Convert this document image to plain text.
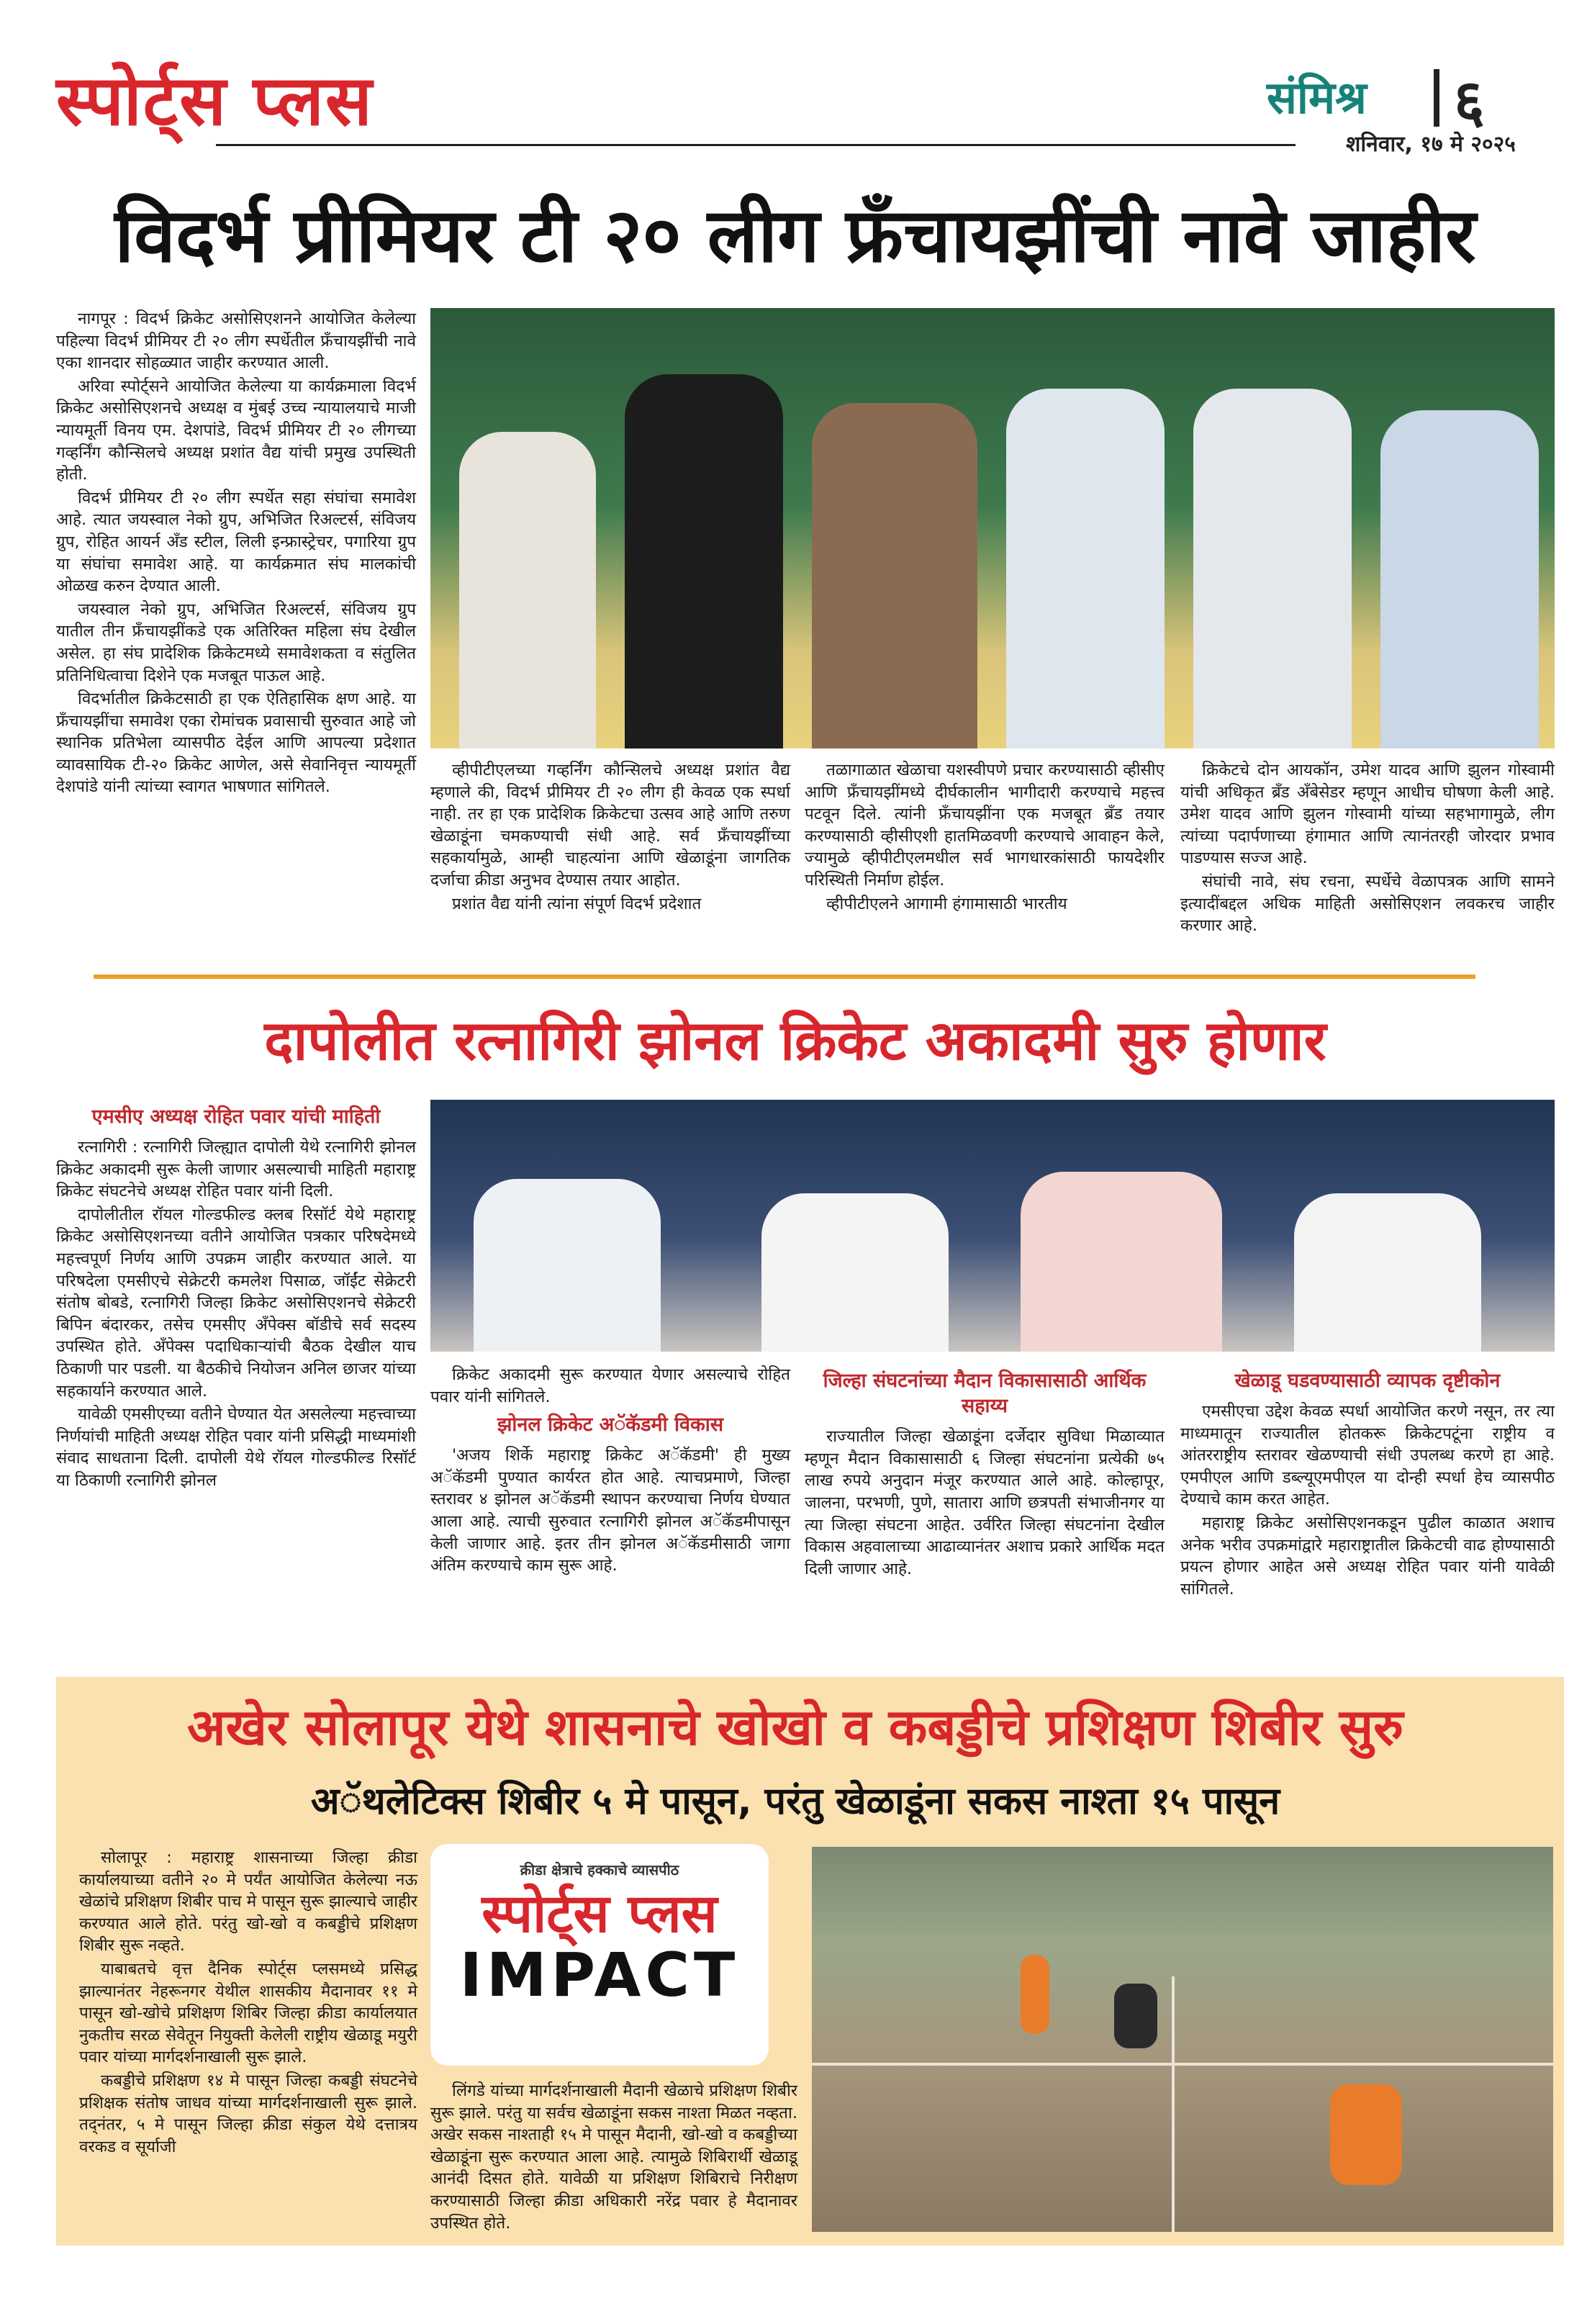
स्पोर्ट्स प्लस	संमिश्र ६
शनिवार, १७ मे २०२५
विदर्भ प्रीमियर टी २० लीग फ्रँचायझींची नावे जाहीर

नागपूर : विदर्भ क्रिकेट असोसिएशनने आयोजित केलेल्या पहिल्या विदर्भ प्रीमियर टी २० लीग स्पर्धेतील फ्रँचायझींची नावे एका शानदार सोहळ्यात जाहीर करण्यात आली.

अरिवा स्पोर्ट्सने आयोजित केलेल्या या कार्यक्रमाला विदर्भ क्रिकेट असोसिएशनचे अध्यक्ष व मुंबई उच्च न्यायालयाचे माजी न्यायमूर्ती विनय एम. देशपांडे, विदर्भ प्रीमियर टी २० लीगच्या गव्हर्निंग कौन्सिलचे अध्यक्ष प्रशांत वैद्य यांची प्रमुख उपस्थिती होती.

विदर्भ प्रीमियर टी २० लीग स्पर्धेत सहा संघांचा समावेश आहे. त्यात जयस्वाल नेको ग्रुप, अभिजित रिअल्टर्स, संविजय ग्रुप, रोहित आयर्न अँड स्टील, लिली इन्फ्रास्ट्रेचर, पगारिया ग्रुप या संघांचा समावेश आहे. या कार्यक्रमात संघ मालकांची ओळख करुन देण्यात आली.

जयस्वाल नेको ग्रुप, अभिजित रिअल्टर्स, संविजय ग्रुप यातील तीन फ्रँचायझींकडे एक अतिरिक्त महिला संघ देखील असेल. हा संघ प्रादेशिक क्रिकेटमध्ये समावेशकता व संतुलित प्रतिनिधित्वाचा दिशेने एक मजबूत पाऊल आहे.

विदर्भातील क्रिकेटसाठी हा एक ऐतिहासिक क्षण आहे. या फ्रँचायझींचा समावेश एका रोमांचक प्रवासाची सुरुवात आहे जो स्थानिक प्रतिभेला व्यासपीठ देईल आणि आपल्या प्रदेशात व्यावसायिक टी-२० क्रिकेट आणेल, असे सेवानिवृत्त न्यायमूर्ती देशपांडे यांनी त्यांच्या स्वागत भाषणात सांगितले.

व्हीपीटीएलच्या गव्हर्निंग कौन्सिलचे अध्यक्ष प्रशांत वैद्य म्हणाले की, विदर्भ प्रीमियर टी २० लीग ही केवळ एक स्पर्धा नाही. तर हा एक प्रादेशिक क्रिकेटचा उत्सव आहे आणि तरुण खेळाडूंना चमकण्याची संधी आहे. सर्व फ्रँचायझींच्या सहकार्यामुळे, आम्ही चाहत्यांना आणि खेळाडूंना जागतिक दर्जाचा क्रीडा अनुभव देण्यास तयार आहोत.

प्रशांत वैद्य यांनी त्यांना संपूर्ण विदर्भ प्रदेशात

तळागाळात खेळाचा यशस्वीपणे प्रचार करण्यासाठी व्हीसीए आणि फ्रँचायझींमध्ये दीर्घकालीन भागीदारी करण्याचे महत्त्व पटवून दिले. त्यांनी फ्रँचायझींना एक मजबूत ब्रँड तयार करण्यासाठी व्हीसीएशी हातमिळवणी करण्याचे आवाहन केले, ज्यामुळे व्हीपीटीएलमधील सर्व भागधारकांसाठी फायदेशीर परिस्थिती निर्माण होईल.

व्हीपीटीएलने आगामी हंगामासाठी भारतीय

क्रिकेटचे दोन आयकॉन, उमेश यादव आणि झुलन गोस्वामी यांची अधिकृत ब्रँड अँबेसेडर म्हणून आधीच घोषणा केली आहे. उमेश यादव आणि झुलन गोस्वामी यांच्या सहभागामुळे, लीग त्यांच्या पदार्पणाच्या हंगामात आणि त्यानंतरही जोरदार प्रभाव पाडण्यास सज्ज आहे.

संघांची नावे, संघ रचना, स्पर्धेचे वेळापत्रक आणि सामने इत्यादींबद्दल अधिक माहिती असोसिएशन लवकरच जाहीर करणार आहे.

दापोलीत रत्नागिरी झोनल क्रिकेट अकादमी सुरु होणार

एमसीए अध्यक्ष रोहित पवार यांची माहिती

रत्नागिरी : रत्नागिरी जिल्ह्यात दापोली येथे रत्नागिरी झोनल क्रिकेट अकादमी सुरू केली जाणार असल्याची माहिती महाराष्ट्र क्रिकेट संघटनेचे अध्यक्ष रोहित पवार यांनी दिली.

दापोलीतील रॉयल गोल्डफील्ड क्लब रिसॉर्ट येथे महाराष्ट्र क्रिकेट असोसिएशनच्या वतीने आयोजित पत्रकार परिषदेमध्ये महत्त्वपूर्ण निर्णय आणि उपक्रम जाहीर करण्यात आले. या परिषदेला एमसीएचे सेक्रेटरी कमलेश पिसाळ, जॉईंट सेक्रेटरी संतोष बोबडे, रत्नागिरी जिल्हा क्रिकेट असोसिएशनचे सेक्रेटरी बिपिन बंदारकर, तसेच एमसीए अँपेक्स बॉडीचे सर्व सदस्य उपस्थित होते. अँपेक्स पदाधिकाऱ्यांची बैठक देखील याच ठिकाणी पार पडली. या बैठकीचे नियोजन अनिल छाजर यांच्या सहकार्याने करण्यात आले.

यावेळी एमसीएच्या वतीने घेण्यात येत असलेल्या महत्त्वाच्या निर्णयांची माहिती अध्यक्ष रोहित पवार यांनी प्रसिद्धी माध्यमांशी संवाद साधताना दिली. दापोली येथे रॉयल गोल्डफील्ड रिसॉर्ट या ठिकाणी रत्नागिरी झोनल

क्रिकेट अकादमी सुरू करण्यात येणार असल्याचे रोहित पवार यांनी सांगितले.

झोनल क्रिकेट अॅकॅडमी विकास

'अजय शिर्के महाराष्ट्र क्रिकेट अॅकॅडमी' ही मुख्य अॅकॅडमी पुण्यात कार्यरत होत आहे. त्याचप्रमाणे, जिल्हा स्तरावर ४ झोनल अॅकॅडमी स्थापन करण्याचा निर्णय घेण्यात आला आहे. त्याची सुरुवात रत्नागिरी झोनल अॅकॅडमीपासून केली जाणार आहे. इतर तीन झोनल अॅकॅडमीसाठी जागा अंतिम करण्याचे काम सुरू आहे.

जिल्हा संघटनांच्या मैदान विकासासाठी आर्थिक सहाय्य

राज्यातील जिल्हा खेळाडूंना दर्जेदार सुविधा मिळाव्यात म्हणून मैदान विकासासाठी ६ जिल्हा संघटनांना प्रत्येकी ७५ लाख रुपये अनुदान मंजूर करण्यात आले आहे. कोल्हापूर, जालना, परभणी, पुणे, सातारा आणि छत्रपती संभाजीनगर या त्या जिल्हा संघटना आहेत. उर्वरित जिल्हा संघटनांना देखील विकास अहवालाच्या आढाव्यानंतर अशाच प्रकारे आर्थिक मदत दिली जाणार आहे.

खेळाडू घडवण्यासाठी व्यापक दृष्टीकोन

एमसीएचा उद्देश केवळ स्पर्धा आयोजित करणे नसून, तर त्या माध्यमातून राज्यातील होतकरू क्रिकेटपटूंना राष्ट्रीय व आंतरराष्ट्रीय स्तरावर खेळण्याची संधी उपलब्ध करणे हा आहे. एमपीएल आणि डब्ल्यूएमपीएल या दोन्ही स्पर्धा हेच व्यासपीठ देण्याचे काम करत आहेत.

महाराष्ट्र क्रिकेट असोसिएशनकडून पुढील काळात अशाच अनेक भरीव उपक्रमांद्वारे महाराष्ट्रातील क्रिकेटची वाढ होण्यासाठी प्रयत्न होणार आहेत असे अध्यक्ष रोहित पवार यांनी यावेळी सांगितले.

अखेर सोलापूर येथे शासनाचे खोखो व कबड्डीचे प्रशिक्षण शिबीर सुरु
अॅथलेटिक्स शिबीर ५ मे पासून, परंतु खेळाडूंना सकस नाश्ता १५ पासून

सोलापूर : महाराष्ट्र शासनाच्या जिल्हा क्रीडा कार्यालयाच्या वतीने २० मे पर्यंत आयोजित केलेल्या नऊ खेळांचे प्रशिक्षण शिबीर पाच मे पासून सुरू झाल्याचे जाहीर करण्यात आले होते. परंतु खो-खो व कबड्डीचे प्रशिक्षण शिबीर सुरू नव्हते.

याबाबतचे वृत्त दैनिक स्पोर्ट्स प्लसमध्ये प्रसिद्ध झाल्यानंतर नेहरूनगर येथील शासकीय मैदानावर ११ मे पासून खो-खोचे प्रशिक्षण शिबिर जिल्हा क्रीडा कार्यालयात नुकतीच सरळ सेवेतून नियुक्ती केलेली राष्ट्रीय खेळाडू मयुरी पवार यांच्या मार्गदर्शनाखाली सुरू झाले.

कबड्डीचे प्रशिक्षण १४ मे पासून जिल्हा कबड्डी संघटनेचे प्रशिक्षक संतोष जाधव यांच्या मार्गदर्शनाखाली सुरू झाले. तद्नंतर, ५ मे पासून जिल्हा क्रीडा संकुल येथे दत्तात्रय वरकड व सूर्याजी

क्रीडा क्षेत्राचे हक्काचे व्यासपीठ
स्पोर्ट्स प्लस
IMPACT

लिंगडे यांच्या मार्गदर्शनाखाली मैदानी खेळाचे प्रशिक्षण शिबीर सुरू झाले. परंतु या सर्वच खेळाडूंना सकस नाश्ता मिळत नव्हता. अखेर सकस नाश्ताही १५ मे पासून मैदानी, खो-खो व कबड्डीच्या खेळाडूंना सुरू करण्यात आला आहे. त्यामुळे शिबिरार्थी खेळाडू आनंदी दिसत होते. यावेळी या प्रशिक्षण शिबिराचे निरीक्षण करण्यासाठी जिल्हा क्रीडा अधिकारी नरेंद्र पवार हे मैदानावर उपस्थित होते.
